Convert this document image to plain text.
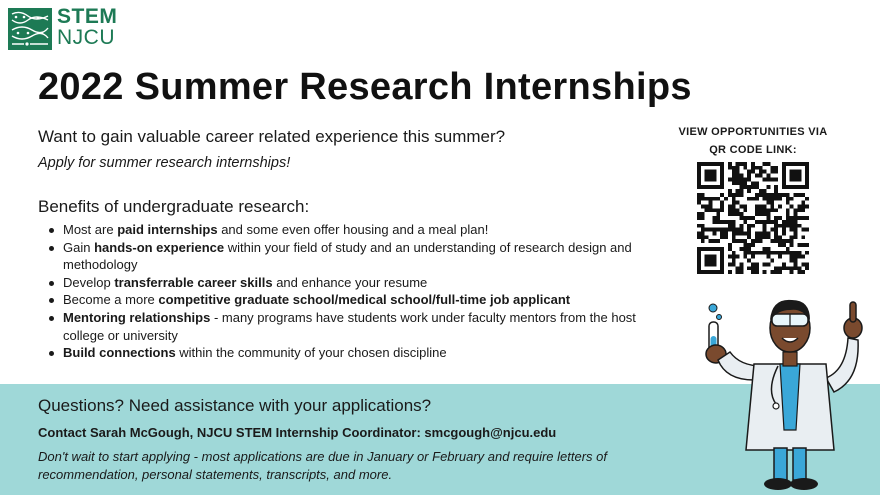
STEM
NJCU
2022 Summer Research Internships

Want to gain valuable career related experience this summer?

Apply for summer research internships!

Benefits of undergraduate research:
Most are paid internships and some even offer housing and a meal plan!
Gain hands-on experience within your field of study and an understanding of research design and methodology
Develop transferrable career skills and enhance your resume
Become a more competitive graduate school/medical school/full-time job applicant
Mentoring relationships - many programs have students work under faculty mentors from the host college or university
Build connections within the community of your chosen discipline
VIEW OPPORTUNITIES VIA
QR CODE LINK:

Questions? Need assistance with your applications?

Contact Sarah McGough, NJCU STEM Internship Coordinator: smcgough@njcu.edu

Don't wait to start applying - most applications are due in January or February and require letters of recommendation, personal statements, transcripts, and more.
